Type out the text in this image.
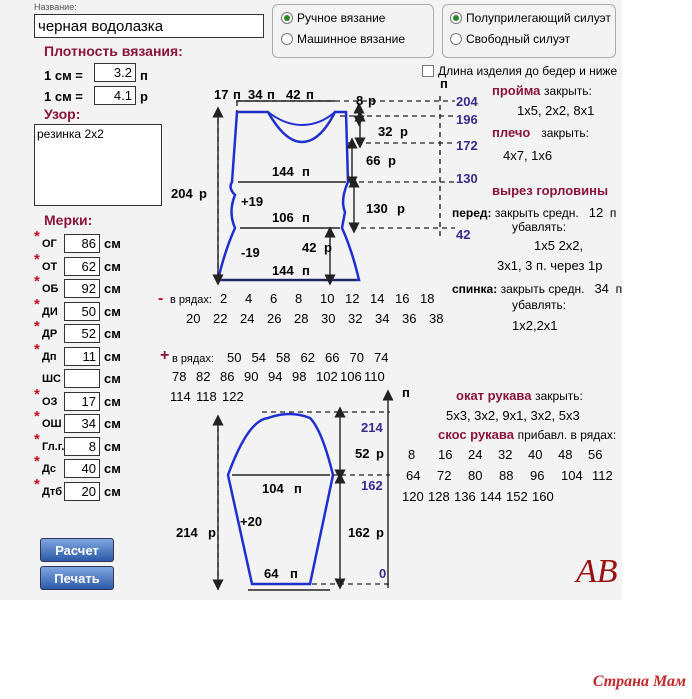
Название:
черная водолазка
Ручное вязание
Машинное вязание
Полуприлегающий силуэт
Свободный силуэт
Длина изделия до бедер и ниже
Плотность вязания:
1 см =
3.2	п
1 см =
4.1	р
Узор:
резинка 2х2
Мерки:
* ОГ
86	см
* ОТ
62	см
* ОБ
92	см
* ДИ
50	см
* ДР
52	см
* Дп
11	см
ШС	см
* ОЗ
17	см
* ОШ
34	см
* Гл.г.
8	см
* Дс
40	см
* Дтб
20	см
Расчет
Печать
17 п 34 п 42 п	8 р
32 р
66 р
144 п
+19
106 п
130 р
-19	42 р
144 п
204 р
п
204
196
172
130
42
- в рядах: 2 4 6 8 10 12 14 16 18
20 22 24 26 28 30 32 34 36 38
+ в рядах: 50 54 58 62 66 70 74
78 82 86 90 94 98 102 106 110
114 118 122
пройма закрыть:
1х5, 2х2, 8х1
плечо закрыть:
4х7, 1х6
вырез горловины
перед: закрыть средн. 12 п
убавлять:
1х5 2х2,
3х1, 3 п. через 1р
спинка: закрыть средн. 34 п
убавлять:
1х2,2х1
окат рукава закрыть:
5х3, 3х2, 9х1, 3х2, 5х3
скос рукава прибавл. в рядах:
8 16 24 32 40 48 56
64 72 80 88 96 104 112
120 128 136 144 152 160
п
214
52 р
162
104 п
+20
214 р	162 р
64 п	0	AB
Страна Мам
